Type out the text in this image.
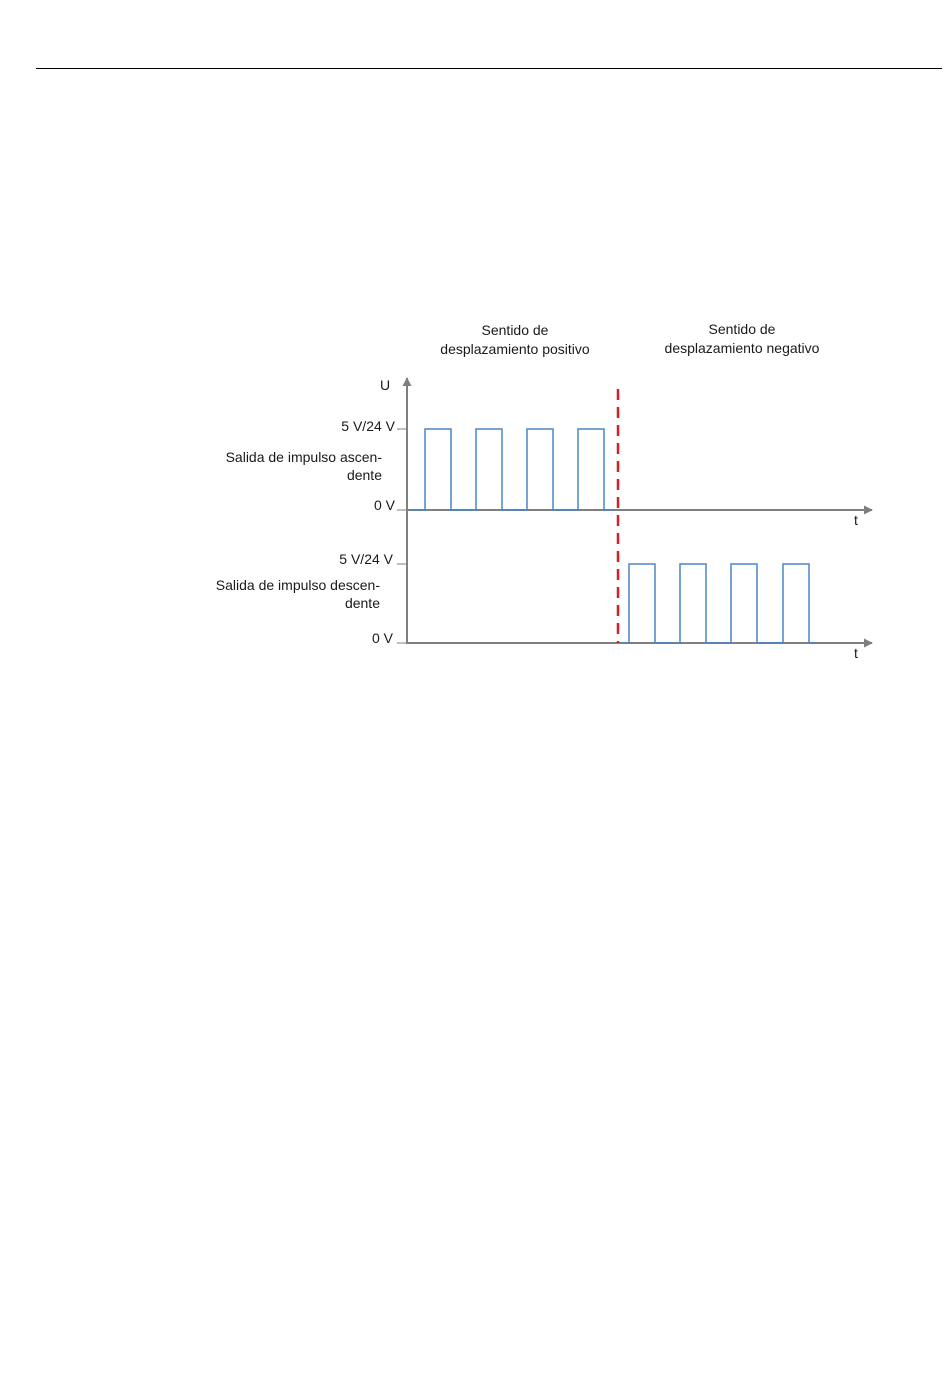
Sentido de
desplazamiento positivo
Sentido de
desplazamiento negativo
U
5 V/24 V
Salida de impulso ascen-
dente
0 V
t
5 V/24 V
Salida de impulso descen-
dente
0 V
t
